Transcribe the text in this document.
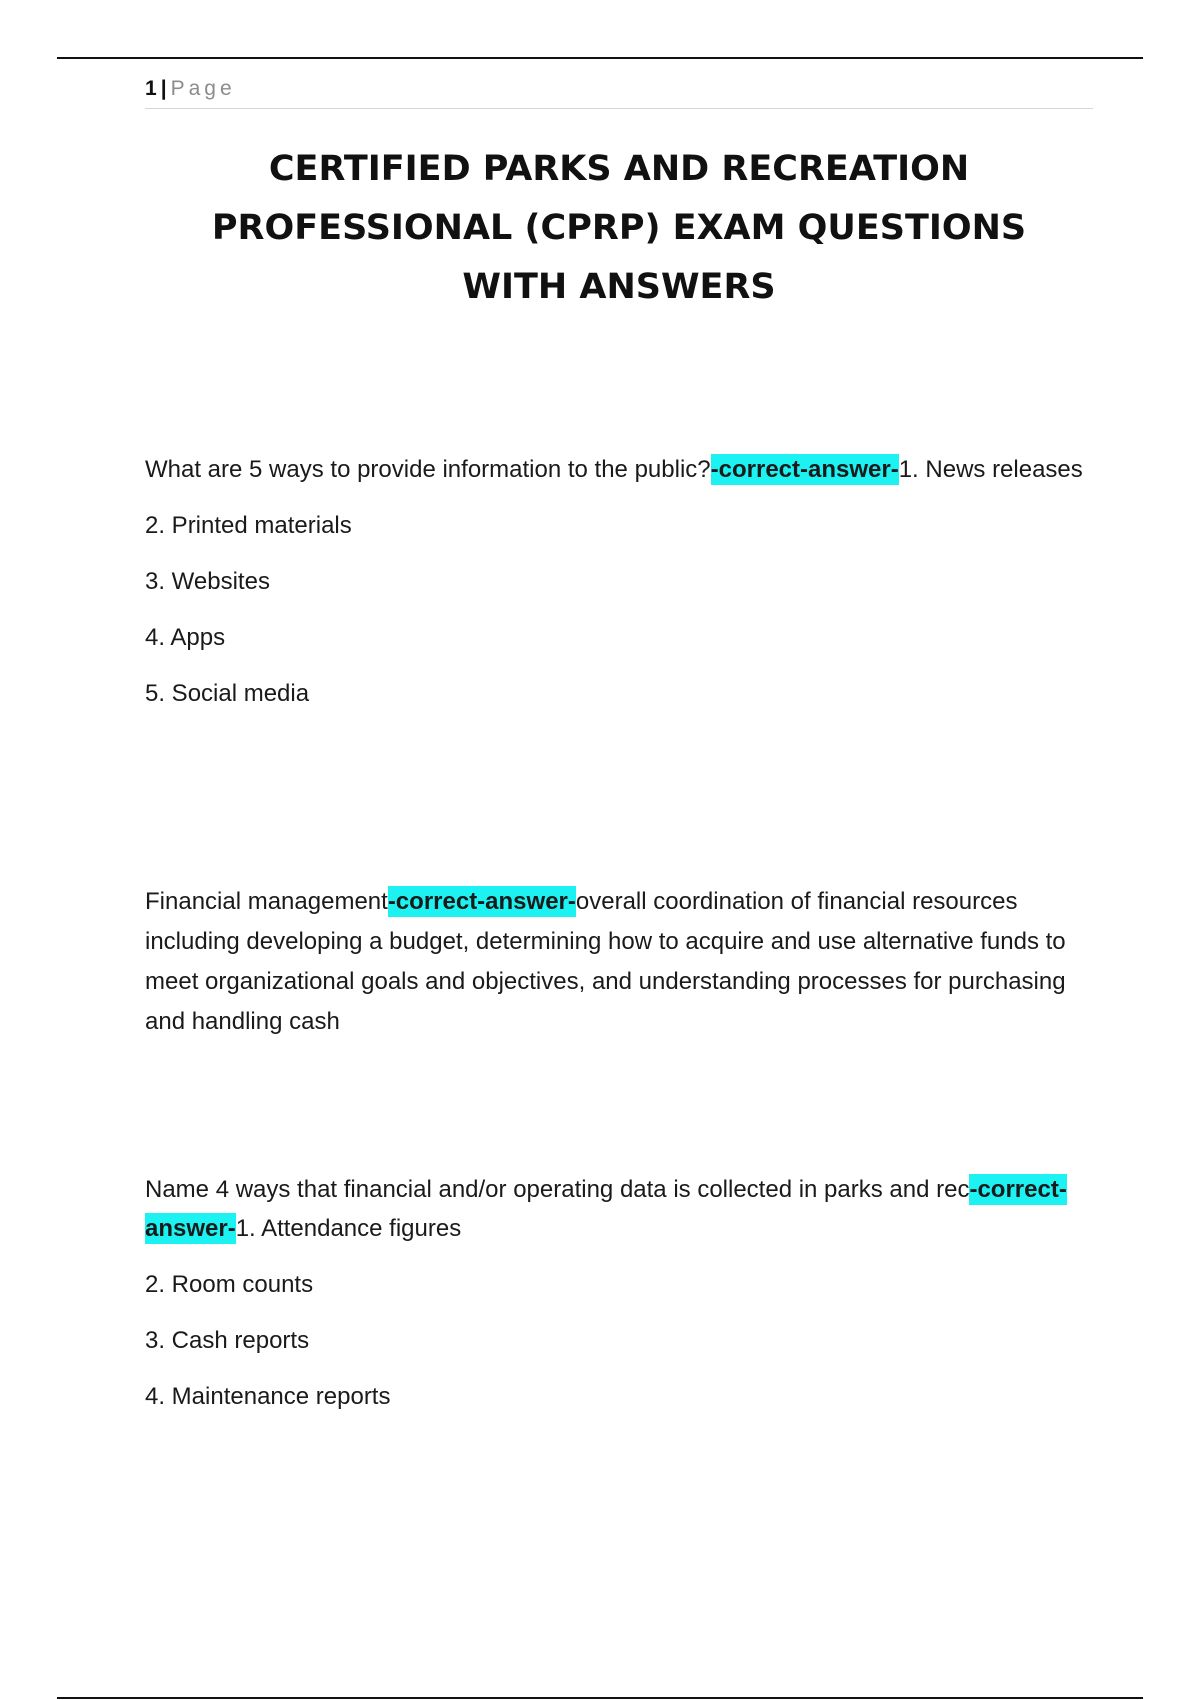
1 | Page
CERTIFIED PARKS AND RECREATION
PROFESSIONAL (CPRP) EXAM QUESTIONS
WITH ANSWERS

What are 5 ways to provide information to the public?-correct-answer-1. News releases

2. Printed materials

3. Websites

4. Apps

5. Social media

Financial management-correct-answer-overall coordination of financial resources including developing a budget, determining how to acquire and use alternative funds to meet organizational goals and objectives, and understanding processes for purchasing and handling cash

Name 4 ways that financial and/or operating data is collected in parks and rec-correct-answer-1. Attendance figures

2. Room counts

3. Cash reports

4. Maintenance reports
